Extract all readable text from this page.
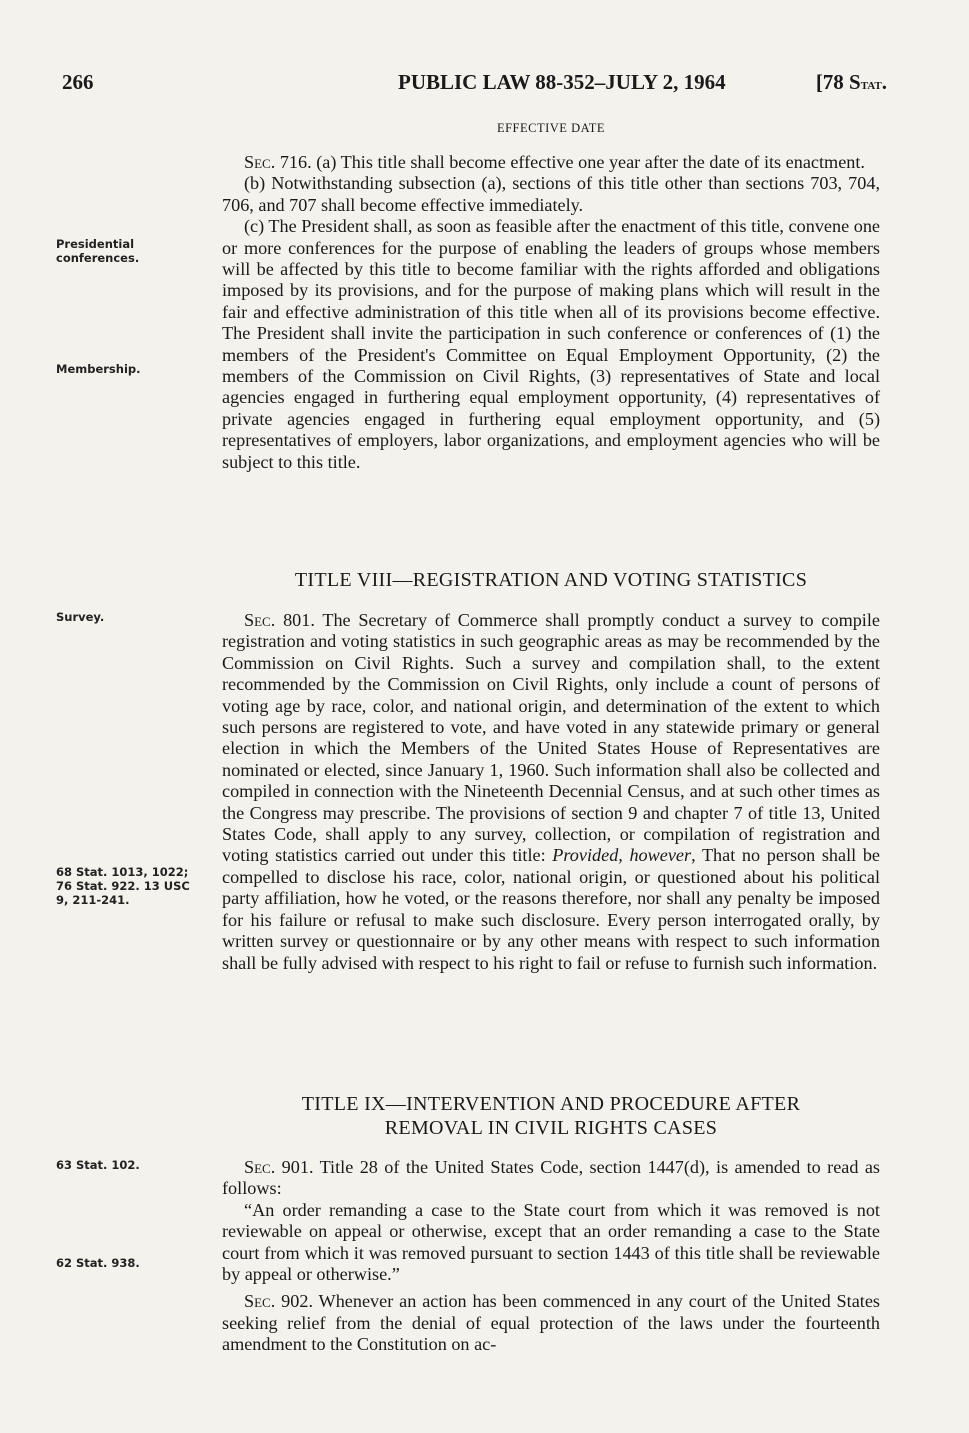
266	PUBLIC LAW 88-352–JULY 2, 1964	[78 Stat.
EFFECTIVE DATE
Presidential conferences.
Membership.
Survey.
68 Stat. 1013, 1022; 76 Stat. 922. 13 USC 9, 211-241.
63 Stat. 102.
62 Stat. 938.

Sec. 716. (a) This title shall become effective one year after the date of its enactment.

(b) Notwithstanding subsection (a), sections of this title other than sections 703, 704, 706, and 707 shall become effective immediately.

(c) The President shall, as soon as feasible after the enactment of this title, convene one or more conferences for the purpose of enabling the leaders of groups whose members will be affected by this title to become familiar with the rights afforded and obligations imposed by its provisions, and for the purpose of making plans which will result in the fair and effective administration of this title when all of its provisions become effective. The President shall invite the participation in such conference or conferences of (1) the members of the President's Committee on Equal Employment Opportunity, (2) the members of the Commission on Civil Rights, (3) representatives of State and local agencies engaged in furthering equal employment opportunity, (4) representatives of private agencies engaged in furthering equal employment opportunity, and (5) representatives of employers, labor organizations, and employment agencies who will be subject to this title.

TITLE VIII—REGISTRATION AND VOTING STATISTICS

Sec. 801. The Secretary of Commerce shall promptly conduct a survey to compile registration and voting statistics in such geographic areas as may be recommended by the Commission on Civil Rights. Such a survey and compilation shall, to the extent recommended by the Commission on Civil Rights, only include a count of persons of voting age by race, color, and national origin, and determination of the extent to which such persons are registered to vote, and have voted in any statewide primary or general election in which the Members of the United States House of Representatives are nominated or elected, since January 1, 1960. Such information shall also be collected and compiled in connection with the Nineteenth Decennial Census, and at such other times as the Congress may prescribe. The provisions of section 9 and chapter 7 of title 13, United States Code, shall apply to any survey, collection, or compilation of registration and voting statistics carried out under this title: Provided, however, That no person shall be compelled to disclose his race, color, national origin, or questioned about his political party affiliation, how he voted, or the reasons therefore, nor shall any penalty be imposed for his failure or refusal to make such disclosure. Every person interrogated orally, by written survey or questionnaire or by any other means with respect to such information shall be fully advised with respect to his right to fail or refuse to furnish such information.

TITLE IX—INTERVENTION AND PROCEDURE AFTER
REMOVAL IN CIVIL RIGHTS CASES

Sec. 901. Title 28 of the United States Code, section 1447(d), is amended to read as follows:

“An order remanding a case to the State court from which it was removed is not reviewable on appeal or otherwise, except that an order remanding a case to the State court from which it was removed pursuant to section 1443 of this title shall be reviewable by appeal or otherwise.”

Sec. 902. Whenever an action has been commenced in any court of the United States seeking relief from the denial of equal protection of the laws under the fourteenth amendment to the Constitution on ac-
